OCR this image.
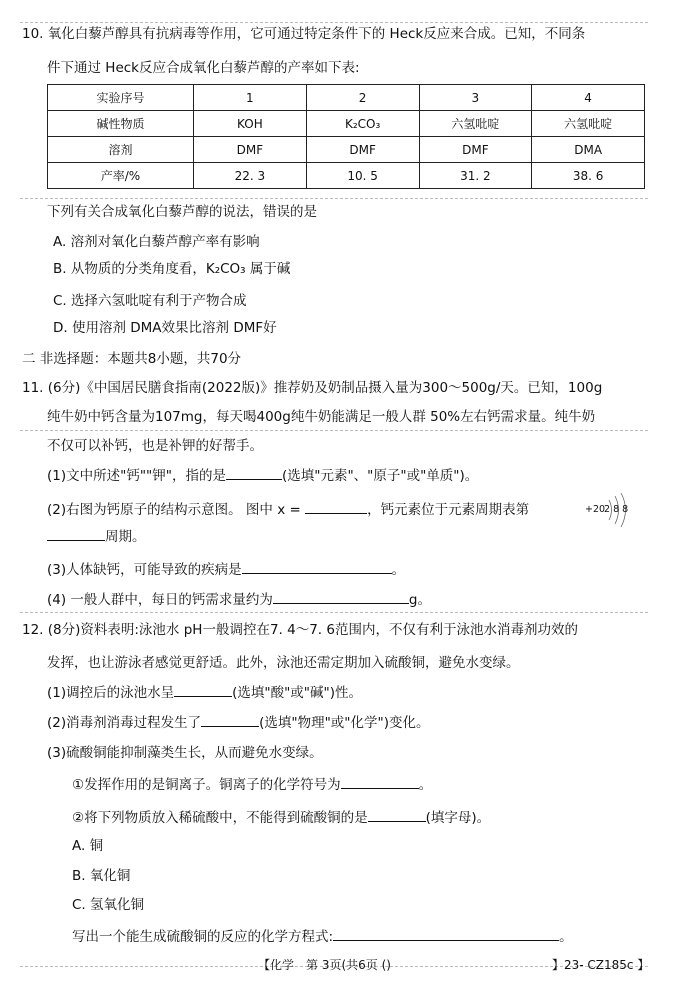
10. 氧化白藜芦醇具有抗病毒等作用，它可通过特定条件下的 Heck反应来合成。已知，不同条
件下通过 Heck反应合成氧化白藜芦醇的产率如下表:
实验序号	1	2	3	4
碱性物质	KOH	K₂CO₃	六氢吡啶	六氢吡啶
溶剂	DMF	DMF	DMF	DMA
产率/%	22. 3	10. 5	31. 2	38. 6
下列有关合成氧化白藜芦醇的说法，错误的是
A. 溶剂对氧化白藜芦醇产率有影响
B. 从物质的分类角度看，K₂CO₃ 属于碱
C. 选择六氢吡啶有利于产物合成
D. 使用溶剂 DMA效果比溶剂 DMF好
二 非选择题：本题共8小题，共70分
11. (6分)《中国居民膳食指南(2022版)》推荐奶及奶制品摄入量为300～500g/天。已知，100g
纯牛奶中钙含量为107mg，每天喝400g纯牛奶能满足一般人群 50%左右钙需求量。纯牛奶
不仅可以补钙，也是补钾的好帮手。
(1)文中所述"钙""钾"，指的是	(选填"元素"、"原子"或"单质")。
(2)右图为钙原子的结构示意图。 图中 x =	，钙元素位于元素周期表第
周期。
+20
2 8 8
(3)人体缺钙，可能导致的疾病是	。
(4) 一般人群中，每日的钙需求量约为	g。
12. (8分)资料表明:泳池水 pH一般调控在7. 4～7. 6范围内，不仅有利于泳池水消毒剂功效的
发挥，也让游泳者感觉更舒适。此外，泳池还需定期加入硫酸铜，避免水变绿。
(1)调控后的泳池水呈	(选填"酸"或"碱")性。
(2)消毒剂消毒过程发生了	(选填"物理"或"化学")变化。
(3)硫酸铜能抑制藻类生长，从而避免水变绿。
①发挥作用的是铜离子。铜离子的化学符号为	。
②将下列物质放入稀硫酸中，不能得到硫酸铜的是	(填字母)。
A. 铜
B. 氧化铜
C. 氢氧化铜
写出一个能生成硫酸铜的反应的化学方程式:	。
【化学　第 3页(共6页 ()	】23- CZ185c 】
